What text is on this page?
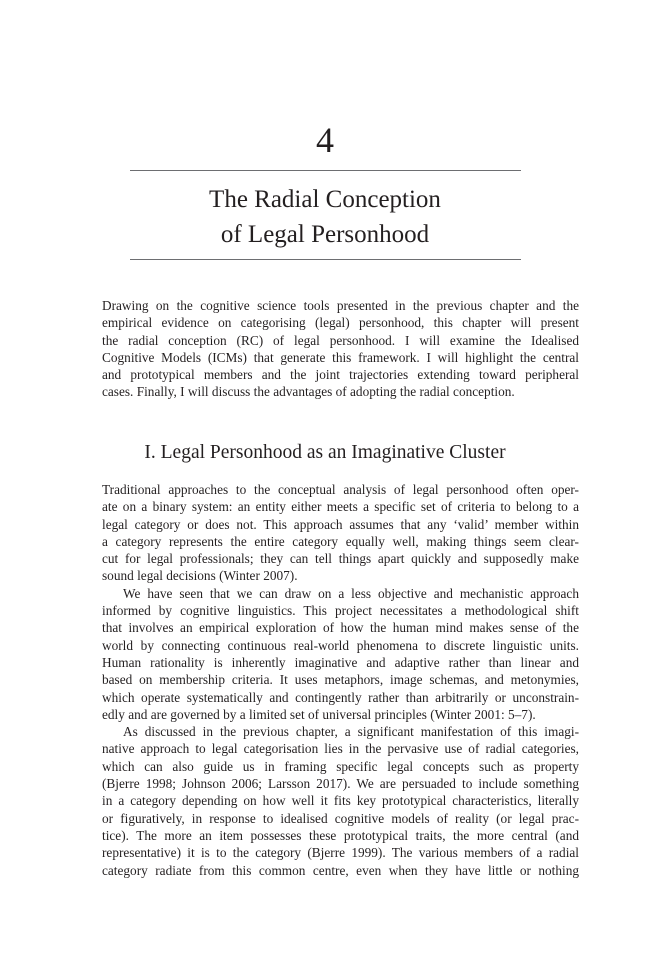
4
The Radial Conception
of Legal Personhood
Drawing on the cognitive science tools presented in the previous chapter and the
empirical evidence on categorising (legal) personhood, this chapter will present
the radial conception (RC) of legal personhood. I will examine the Idealised
Cognitive Models (ICMs) that generate this framework. I will highlight the central
and prototypical members and the joint trajectories extending toward peripheral
cases. Finally, I will discuss the advantages of adopting the radial conception.
I. Legal Personhood as an Imaginative Cluster
Traditional approaches to the conceptual analysis of legal personhood often oper-
ate on a binary system: an entity either meets a specific set of criteria to belong to a
legal category or does not. This approach assumes that any ‘valid’ member within
a category represents the entire category equally well, making things seem clear-
cut for legal professionals; they can tell things apart quickly and supposedly make
sound legal decisions (Winter 2007).
We have seen that we can draw on a less objective and mechanistic approach
informed by cognitive linguistics. This project necessitates a methodological shift
that involves an empirical exploration of how the human mind makes sense of the
world by connecting continuous real-world phenomena to discrete linguistic units.
Human rationality is inherently imaginative and adaptive rather than linear and
based on membership criteria. It uses metaphors, image schemas, and metonymies,
which operate systematically and contingently rather than arbitrarily or unconstrain-
edly and are governed by a limited set of universal principles (Winter 2001: 5–7).
As discussed in the previous chapter, a significant manifestation of this imagi-
native approach to legal categorisation lies in the pervasive use of radial categories,
which can also guide us in framing specific legal concepts such as property
(Bjerre 1998; Johnson 2006; Larsson 2017). We are persuaded to include something
in a category depending on how well it fits key prototypical characteristics, literally
or figuratively, in response to idealised cognitive models of reality (or legal prac-
tice). The more an item possesses these prototypical traits, the more central (and
representative) it is to the category (Bjerre 1999). The various members of a radial
category radiate from this common centre, even when they have little or nothing
